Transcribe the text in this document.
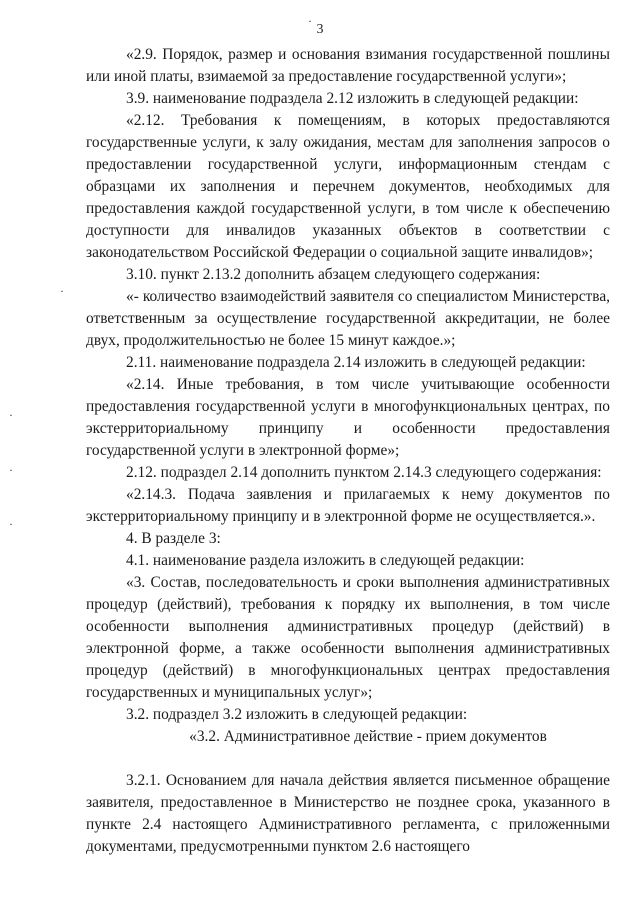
3

«2.9. Порядок, размер и основания взимания государственной пошлины или иной платы, взимаемой за предоставление государственной услуги»;

3.9. наименование подраздела 2.12 изложить в следующей редакции:

«2.12. Требования к помещениям, в которых предоставляются государственные услуги, к залу ожидания, местам для заполнения запросов о предоставлении государственной услуги, информационным стендам с образцами их заполнения и перечнем документов, необходимых для предоставления каждой государственной услуги, в том числе к обеспечению доступности для инвалидов указанных объектов в соответствии с законодательством Российской Федерации о социальной защите инвалидов»;

3.10. пункт 2.13.2 дополнить абзацем следующего содержания:

«- количество взаимодействий заявителя со специалистом Министерства, ответственным за осуществление государственной аккредитации, не более двух, продолжительностью не более 15 минут каждое.»;

2.11. наименование подраздела 2.14 изложить в следующей редакции:

«2.14. Иные требования, в том числе учитывающие особенности предоставления государственной услуги в многофункциональных центрах, по экстерриториальному принципу и особенности предоставления государственной услуги в электронной форме»;

2.12. подраздел 2.14 дополнить пунктом 2.14.3 следующего содержания:

«2.14.3. Подача заявления и прилагаемых к нему документов по экстерриториальному принципу и в электронной форме не осуществляется.».

4. В разделе 3:

4.1. наименование раздела изложить в следующей редакции:

«3. Состав, последовательность и сроки выполнения административных процедур (действий), требования к порядку их выполнения, в том числе особенности выполнения административных процедур (действий) в электронной форме, а также особенности выполнения административных процедур (действий) в многофункциональных центрах предоставления государственных и муниципальных услуг»;

3.2. подраздел 3.2 изложить в следующей редакции:

«3.2. Административное действие - прием документов

3.2.1. Основанием для начала действия является письменное обращение заявителя, предоставленное в Министерство не позднее срока, указанного в пункте 2.4 настоящего Административного регламента, с приложенными документами, предусмотренными пунктом 2.6 настоящего

·
·
·
·
·
